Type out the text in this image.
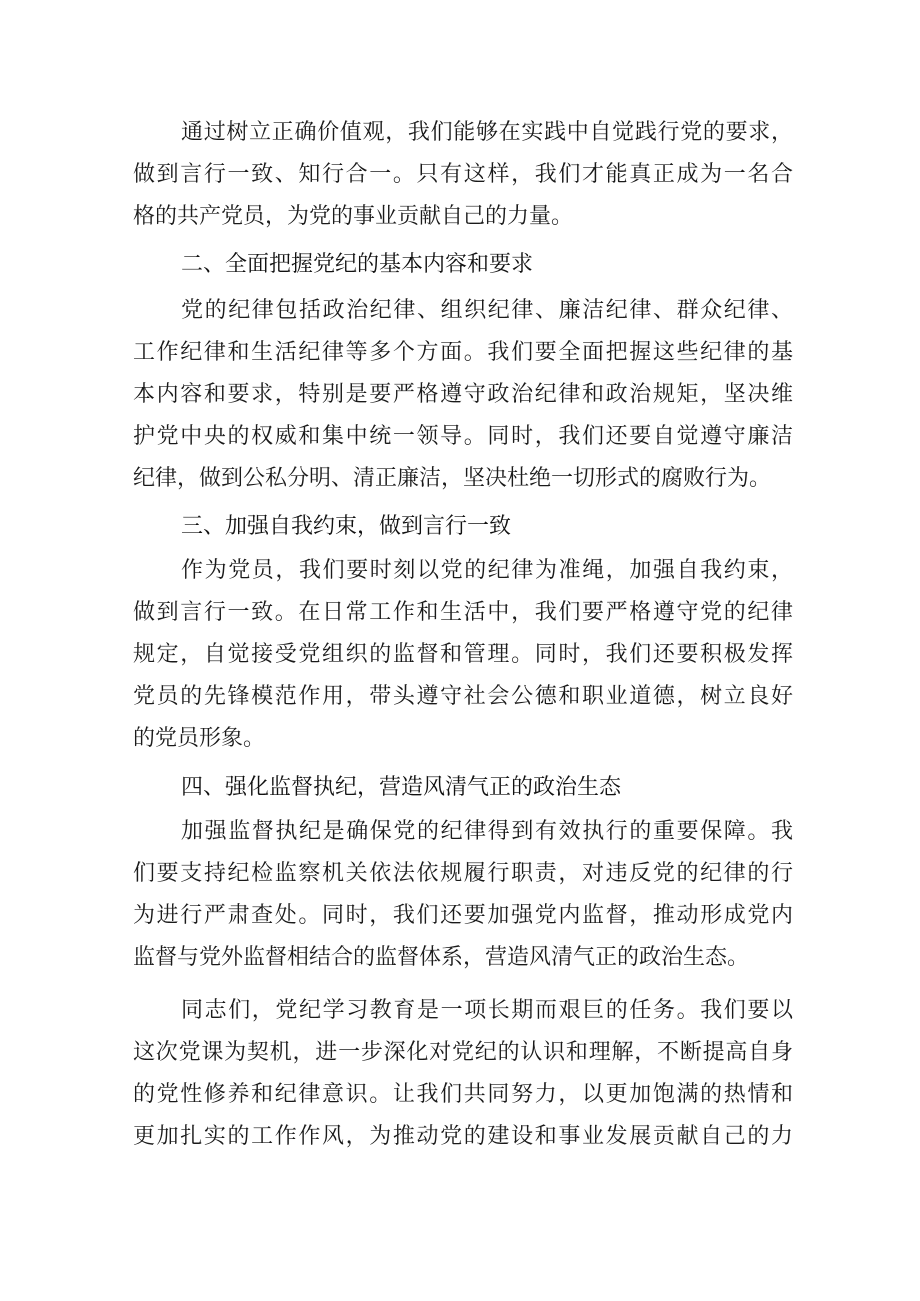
通过树立正确价值观，我们能够在实践中自觉践行党的要求，
做到言行一致、知行合一。只有这样，我们才能真正成为一名合
格的共产党员，为党的事业贡献自己的力量。
二、全面把握党纪的基本内容和要求
党的纪律包括政治纪律、组织纪律、廉洁纪律、群众纪律、
工作纪律和生活纪律等多个方面。我们要全面把握这些纪律的基
本内容和要求，特别是要严格遵守政治纪律和政治规矩，坚决维
护党中央的权威和集中统一领导。同时，我们还要自觉遵守廉洁
纪律，做到公私分明、清正廉洁，坚决杜绝一切形式的腐败行为。
三、加强自我约束，做到言行一致
作为党员，我们要时刻以党的纪律为准绳，加强自我约束，
做到言行一致。在日常工作和生活中，我们要严格遵守党的纪律
规定，自觉接受党组织的监督和管理。同时，我们还要积极发挥
党员的先锋模范作用，带头遵守社会公德和职业道德，树立良好
的党员形象。
四、强化监督执纪，营造风清气正的政治生态
加强监督执纪是确保党的纪律得到有效执行的重要保障。我
们要支持纪检监察机关依法依规履行职责，对违反党的纪律的行
为进行严肃查处。同时，我们还要加强党内监督，推动形成党内
监督与党外监督相结合的监督体系，营造风清气正的政治生态。
同志们，党纪学习教育是一项长期而艰巨的任务。我们要以
这次党课为契机，进一步深化对党纪的认识和理解，不断提高自身
的党性修养和纪律意识。让我们共同努力，以更加饱满的热情和
更加扎实的工作作风，为推动党的建设和事业发展贡献自己的力
